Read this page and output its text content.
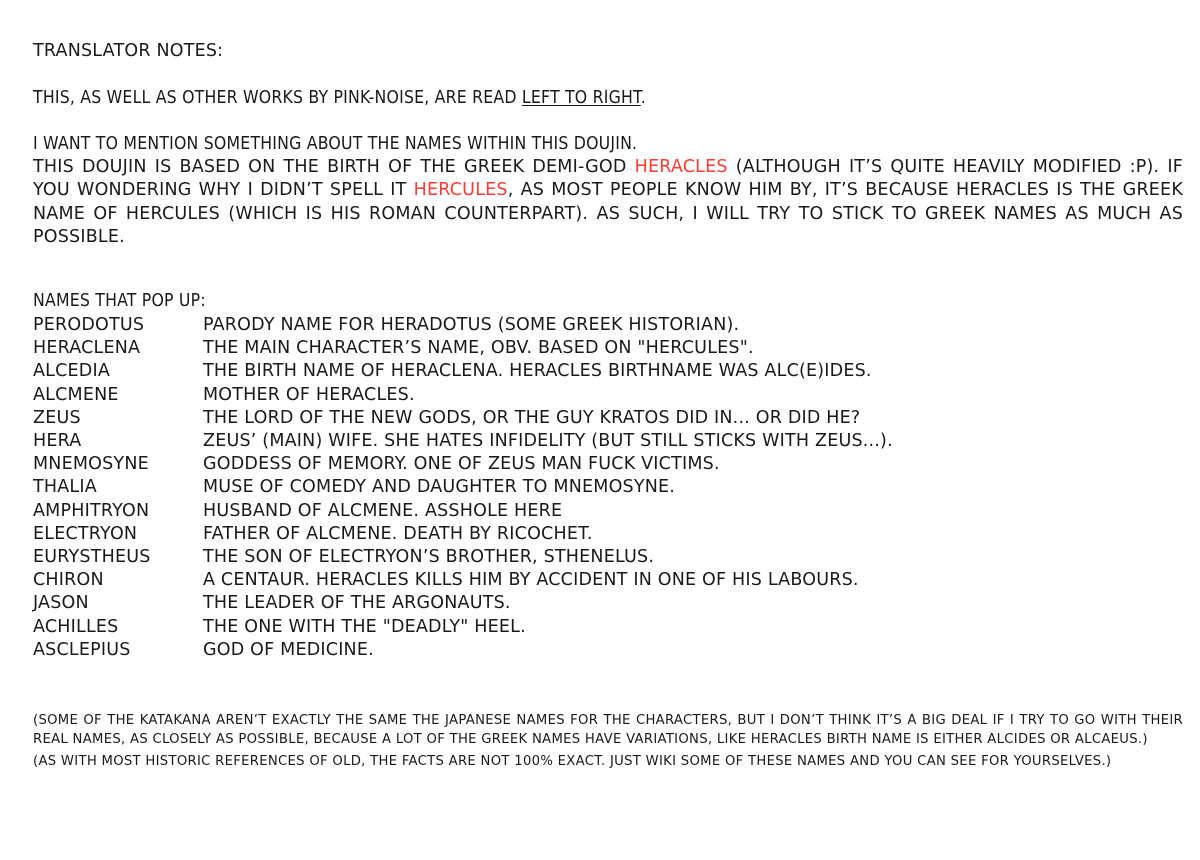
TRANSLATOR NOTES:
THIS, AS WELL AS OTHER WORKS BY PINK-NOISE, ARE READ LEFT TO RIGHT.
I WANT TO MENTION SOMETHING ABOUT THE NAMES WITHIN THIS DOUJIN.
THIS DOUJIN IS BASED ON THE BIRTH OF THE GREEK DEMI-GOD HERACLES (ALTHOUGH IT’S QUITE HEAVILY MODIFIED :P). IF YOU WONDERING WHY I DIDN’T SPELL IT HERCULES, AS MOST PEOPLE KNOW HIM BY, IT’S BECAUSE HERACLES IS THE GREEK NAME OF HERCULES (WHICH IS HIS ROMAN COUNTERPART). AS SUCH, I WILL TRY TO STICK TO GREEK NAMES AS MUCH AS POSSIBLE.
NAMES THAT POP UP:
PERODOTUS	PARODY NAME FOR HERADOTUS (SOME GREEK HISTORIAN).
HERACLENA	THE MAIN CHARACTER’S NAME, OBV. BASED ON "HERCULES".
ALCEDIA	THE BIRTH NAME OF HERACLENA. HERACLES BIRTHNAME WAS ALC(E)IDES.
ALCMENE	MOTHER OF HERACLES.
ZEUS	THE LORD OF THE NEW GODS, OR THE GUY KRATOS DID IN... OR DID HE?
HERA	ZEUS’ (MAIN) WIFE. SHE HATES INFIDELITY (BUT STILL STICKS WITH ZEUS...).
MNEMOSYNE	GODDESS OF MEMORY. ONE OF ZEUS MAN FUCK VICTIMS.
THALIA	MUSE OF COMEDY AND DAUGHTER TO MNEMOSYNE.
AMPHITRYON	HUSBAND OF ALCMENE. ASSHOLE HERE
ELECTRYON	FATHER OF ALCMENE. DEATH BY RICOCHET.
EURYSTHEUS	THE SON OF ELECTRYON’S BROTHER, STHENELUS.
CHIRON	A CENTAUR. HERACLES KILLS HIM BY ACCIDENT IN ONE OF HIS LABOURS.
JASON	THE LEADER OF THE ARGONAUTS.
ACHILLES	THE ONE WITH THE "DEADLY" HEEL.
ASCLEPIUS	GOD OF MEDICINE.
(SOME OF THE KATAKANA AREN’T EXACTLY THE SAME THE JAPANESE NAMES FOR THE CHARACTERS, BUT I DON’T THINK IT’S A BIG DEAL IF I TRY TO GO WITH THEIR REAL NAMES, AS CLOSELY AS POSSIBLE, BECAUSE A LOT OF THE GREEK NAMES HAVE VARIATIONS, LIKE HERACLES BIRTH NAME IS EITHER ALCIDES OR ALCAEUS.)
(AS WITH MOST HISTORIC REFERENCES OF OLD, THE FACTS ARE NOT 100% EXACT. JUST WIKI SOME OF THESE NAMES AND YOU CAN SEE FOR YOURSELVES.)
